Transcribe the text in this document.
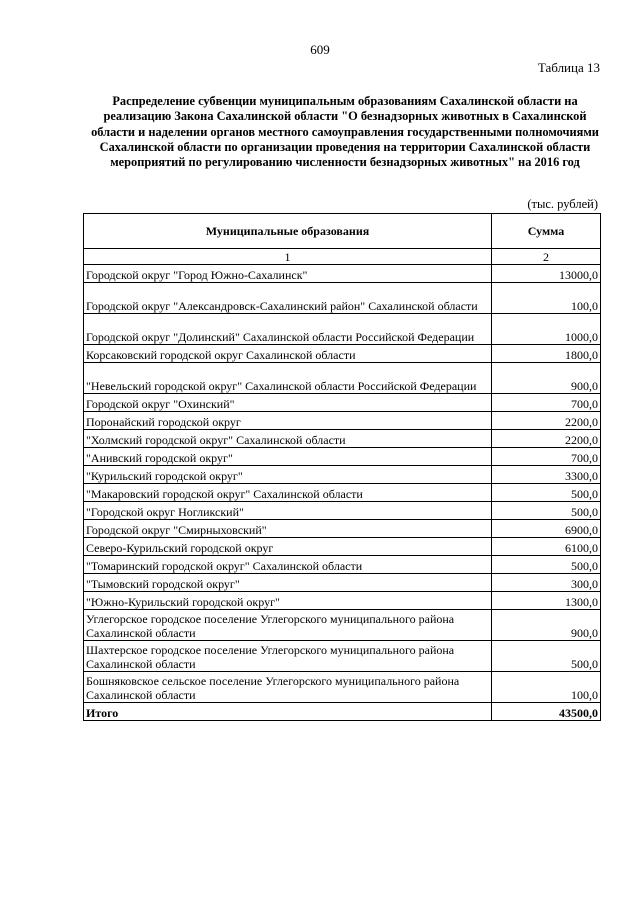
609
Таблица 13
Распределение субвенции муниципальным образованиям Сахалинской области на реализацию Закона Сахалинской области "О безнадзорных животных в Сахалинской области и наделении органов местного самоуправления государственными полномочиями Сахалинской области по организации проведения на территории Сахалинской области мероприятий по регулированию численности безнадзорных животных" на 2016 год
(тыс. рублей)
Муниципальные образования	Сумма
1	2
Городской округ "Город Южно-Сахалинск"	13000,0
Городской округ "Александровск-Сахалинский район" Сахалинской области	100,0
Городской округ "Долинский" Сахалинской области Российской Федерации	1000,0
Корсаковский городской округ Сахалинской области	1800,0
"Невельский городской округ" Сахалинской области Российской Федерации	900,0
Городской округ "Охинский"	700,0
Поронайский городской округ	2200,0
"Холмский городской округ" Сахалинской области	2200,0
"Анивский городской округ"	700,0
"Курильский городской округ"	3300,0
"Макаровский городской округ" Сахалинской области	500,0
"Городской округ Ногликский"	500,0
Городской округ "Смирныховский"	6900,0
Северо-Курильский городской округ	6100,0
"Томаринский городской округ" Сахалинской области	500,0
"Тымовский городской округ"	300,0
"Южно-Курильский городской округ"	1300,0
Углегорское городское поселение Углегорского муниципального района Сахалинской области	900,0
Шахтерское городское поселение Углегорского муниципального района Сахалинской области	500,0
Бошняковское сельское поселение Углегорского муниципального района Сахалинской области	100,0
Итого	43500,0
